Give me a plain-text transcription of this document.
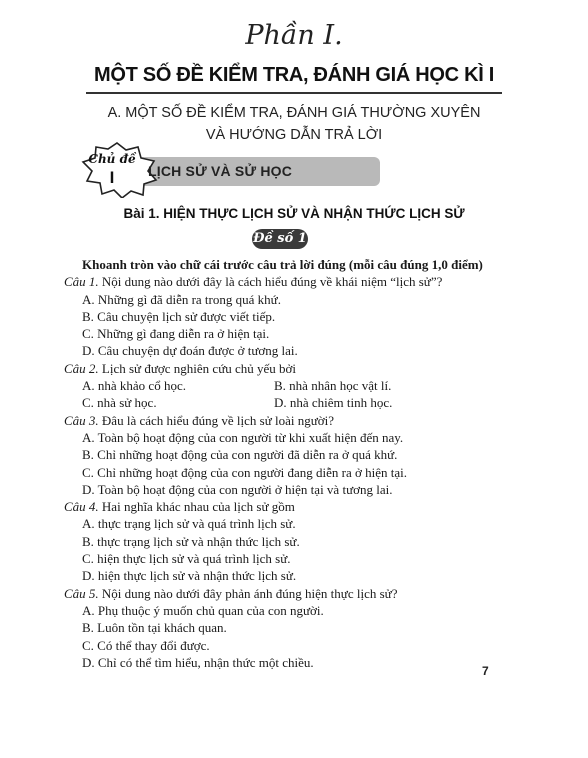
Phần I.
MỘT SỐ ĐỀ KIỂM TRA, ĐÁNH GIÁ HỌC KÌ I
A. MỘT SỐ ĐỀ KIỂM TRA, ĐÁNH GIÁ THƯỜNG XUYÊN
VÀ HƯỚNG DẪN TRẢ LỜI
Chủ đề
I	LỊCH SỬ VÀ SỬ HỌC
Bài 1. HIỆN THỰC LỊCH SỬ VÀ NHẬN THỨC LỊCH SỬ
Đề số 1
Khoanh tròn vào chữ cái trước câu trả lời đúng (mỗi câu đúng 1,0 điểm)
Câu 1. Nội dung nào dưới đây là cách hiểu đúng về khái niệm “lịch sử”?
A. Những gì đã diễn ra trong quá khứ.
B. Câu chuyện lịch sử được viết tiếp.
C. Những gì đang diễn ra ở hiện tại.
D. Câu chuyện dự đoán được ở tương lai.
Câu 2. Lịch sử được nghiên cứu chủ yếu bởi
A. nhà khảo cổ học.	B. nhà nhân học vật lí.
C. nhà sử học.	D. nhà chiêm tinh học.
Câu 3. Đâu là cách hiểu đúng về lịch sử loài người?
A. Toàn bộ hoạt động của con người từ khi xuất hiện đến nay.
B. Chỉ những hoạt động của con người đã diễn ra ở quá khứ.
C. Chỉ những hoạt động của con người đang diễn ra ở hiện tại.
D. Toàn bộ hoạt động của con người ở hiện tại và tương lai.
Câu 4. Hai nghĩa khác nhau của lịch sử gồm
A. thực trạng lịch sử và quá trình lịch sử.
B. thực trạng lịch sử và nhận thức lịch sử.
C. hiện thực lịch sử và quá trình lịch sử.
D. hiện thực lịch sử và nhận thức lịch sử.
Câu 5. Nội dung nào dưới đây phản ánh đúng hiện thực lịch sử?
A. Phụ thuộc ý muốn chủ quan của con người.
B. Luôn tồn tại khách quan.
C. Có thể thay đổi được.
D. Chỉ có thể tìm hiểu, nhận thức một chiều.
7
